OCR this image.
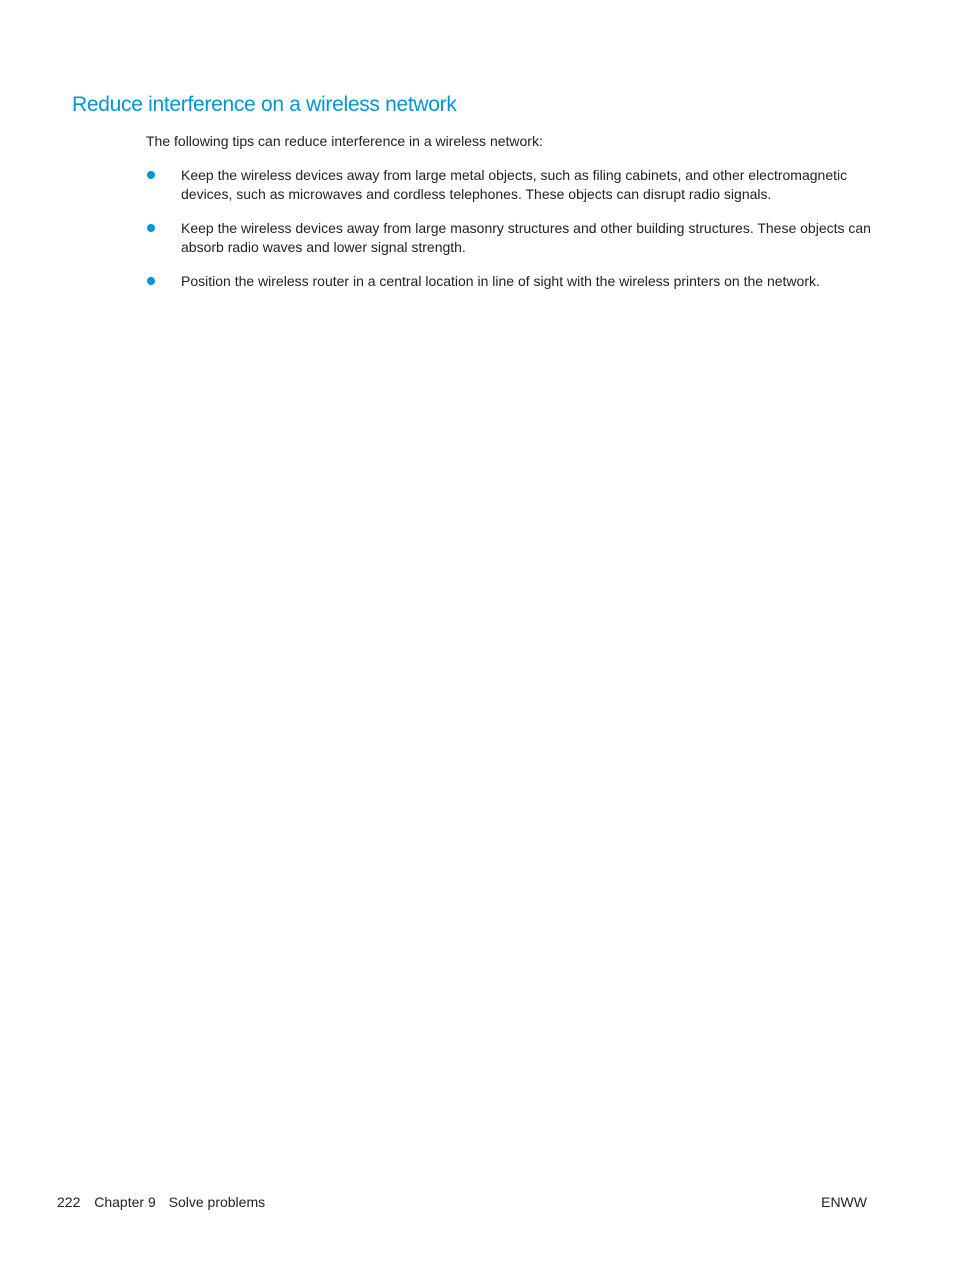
Reduce interference on a wireless network

The following tips can reduce interference in a wireless network:

Keep the wireless devices away from large metal objects, such as filing cabinets, and other electromagnetic devices, such as microwaves and cordless telephones. These objects can disrupt radio signals.
Keep the wireless devices away from large masonry structures and other building structures. These objects can absorb radio waves and lower signal strength.
Position the wireless router in a central location in line of sight with the wireless printers on the network.
222 Chapter 9 Solve problems	ENWW
